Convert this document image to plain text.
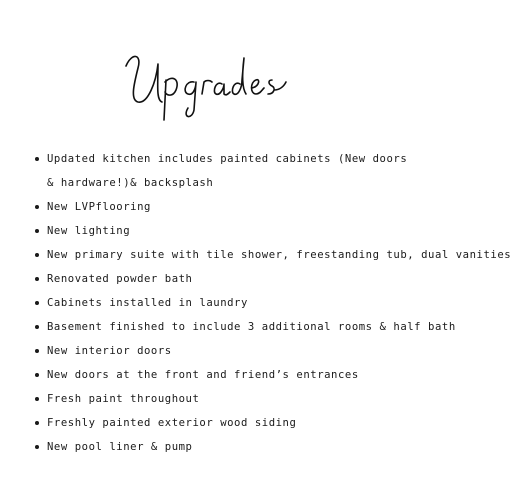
Updated kitchen includes painted cabinets (New doors & hardware!)& backsplash
New LVPflooring
New lighting
New primary suite with tile shower, freestanding tub, dual vanities
Renovated powder bath
Cabinets installed in laundry
Basement finished to include 3 additional rooms & half bath
New interior doors
New doors at the front and friend’s entrances
Fresh paint throughout
Freshly painted exterior wood siding
New pool liner & pump
